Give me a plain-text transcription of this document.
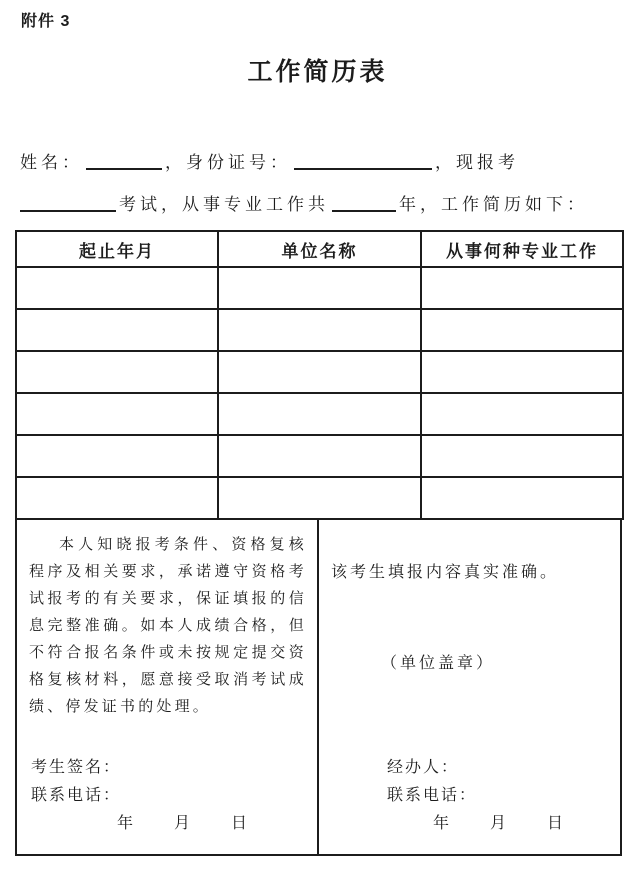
附件 3
工作简历表
姓名：	，身份证号：	，现报考
考试，从事专业工作共	年，工作简历如下：
起止年月	单位名称	从事何种专业工作

本人知晓报考条件、资格复核程序及相关要求，承诺遵守资格考试报考的有关要求，保证填报的信息完整准确。如本人成绩合格，但不符合报名条件或未按规定提交资格复核材料，愿意接受取消考试成绩、停发证书的处理。

考生签名：
联系电话：
年　　月　　日
该考生填报内容真实准确。
（单位盖章）
经办人：
联系电话：
年　　月　　日
